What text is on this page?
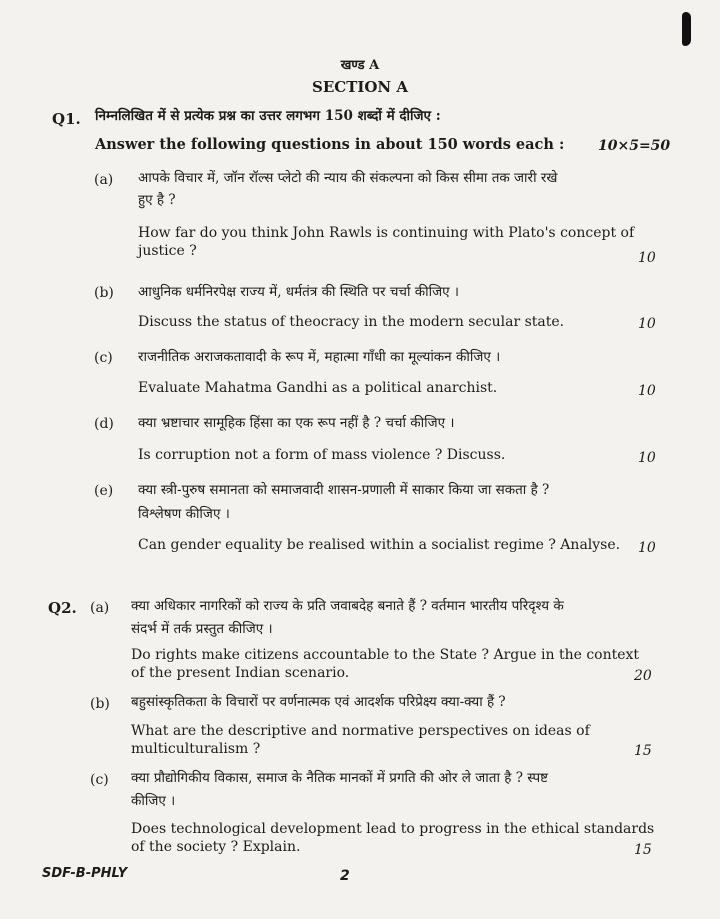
खण्ड A
SECTION A
Q1. निम्नलिखित में से प्रत्येक प्रश्न का उत्तर लगभग 150 शब्दों में दीजिए :
Answer the following questions in about 150 words each : 10×5=50
(a) आपके विचार में, जॉन रॉल्स प्लेटो की न्याय की संकल्पना को किस सीमा तक जारी रखे
हुए है ?
How far do you think John Rawls is continuing with Plato's concept of
justice ?	10
(b) आधुनिक धर्मनिरपेक्ष राज्य में, धर्मतंत्र की स्थिति पर चर्चा कीजिए ।
Discuss the status of theocracy in the modern secular state.	10
(c) राजनीतिक अराजकतावादी के रूप में, महात्मा गाँधी का मूल्यांकन कीजिए ।
Evaluate Mahatma Gandhi as a political anarchist.	10
(d) क्या भ्रष्टाचार सामूहिक हिंसा का एक रूप नहीं है ? चर्चा कीजिए ।
Is corruption not a form of mass violence ? Discuss.	10
(e) क्या स्त्री-पुरुष समानता को समाजवादी शासन-प्रणाली में साकार किया जा सकता है ?
विश्लेषण कीजिए ।
Can gender equality be realised within a socialist regime ? Analyse. 10
Q2. (a) क्या अधिकार नागरिकों को राज्य के प्रति जवाबदेह बनाते हैं ? वर्तमान भारतीय परिदृश्य के
संदर्भ में तर्क प्रस्तुत कीजिए ।
Do rights make citizens accountable to the State ? Argue in the context
of the present Indian scenario.	20
(b) बहुसांस्कृतिकता के विचारों पर वर्णनात्मक एवं आदर्शक परिप्रेक्ष्य क्या-क्या हैं ?
What are the descriptive and normative perspectives on ideas of
multiculturalism ?	15
(c) क्या प्रौद्योगिकीय विकास, समाज के नैतिक मानकों में प्रगति की ओर ले जाता है ? स्पष्ट
कीजिए ।
Does technological development lead to progress in the ethical standards
of the society ? Explain.	15
SDF-B-PHLY	2
